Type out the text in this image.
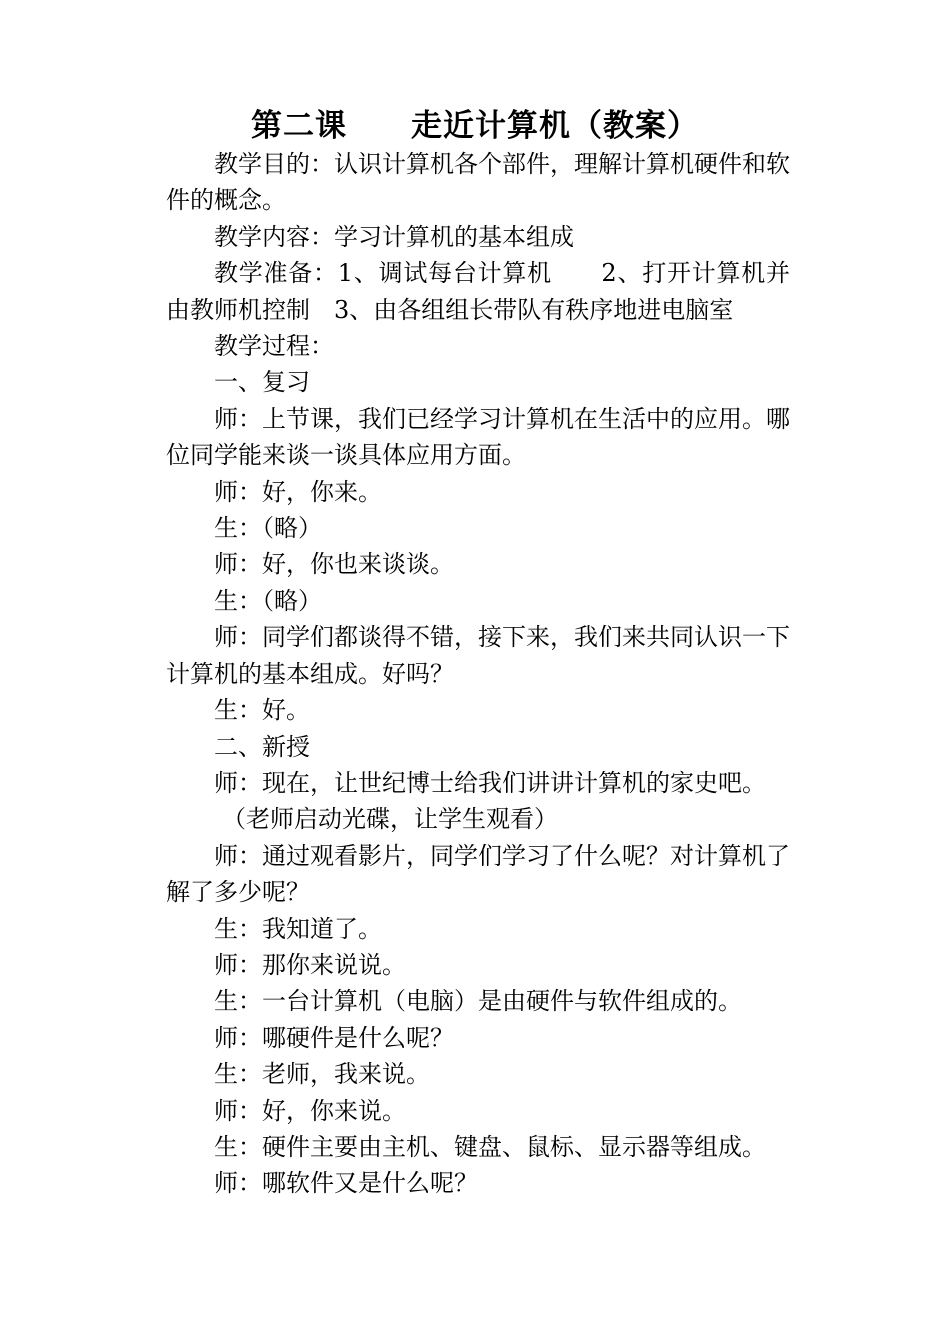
第二课　　走近计算机（教案）

教学目的：认识计算机各个部件，理解计算机硬件和软件的概念。

教学内容：学习计算机的基本组成

教学准备：1、调试每台计算机　　2、打开计算机并由教师机控制　3、由各组组长带队有秩序地进电脑室

教学过程：

一、复习

师：上节课，我们已经学习计算机在生活中的应用。哪位同学能来谈一谈具体应用方面。

师：好，你来。

生：（略）

师：好，你也来谈谈。

生：（略）

师：同学们都谈得不错，接下来，我们来共同认识一下计算机的基本组成。好吗？

生：好。

二、新授

师：现在，让世纪博士给我们讲讲计算机的家史吧。

（老师启动光碟，让学生观看）

师：通过观看影片，同学们学习了什么呢？对计算机了解了多少呢？

生：我知道了。

师：那你来说说。

生：一台计算机（电脑）是由硬件与软件组成的。

师：哪硬件是什么呢？

生：老师，我来说。

师：好，你来说。

生：硬件主要由主机、键盘、鼠标、显示器等组成。

师：哪软件又是什么呢？
